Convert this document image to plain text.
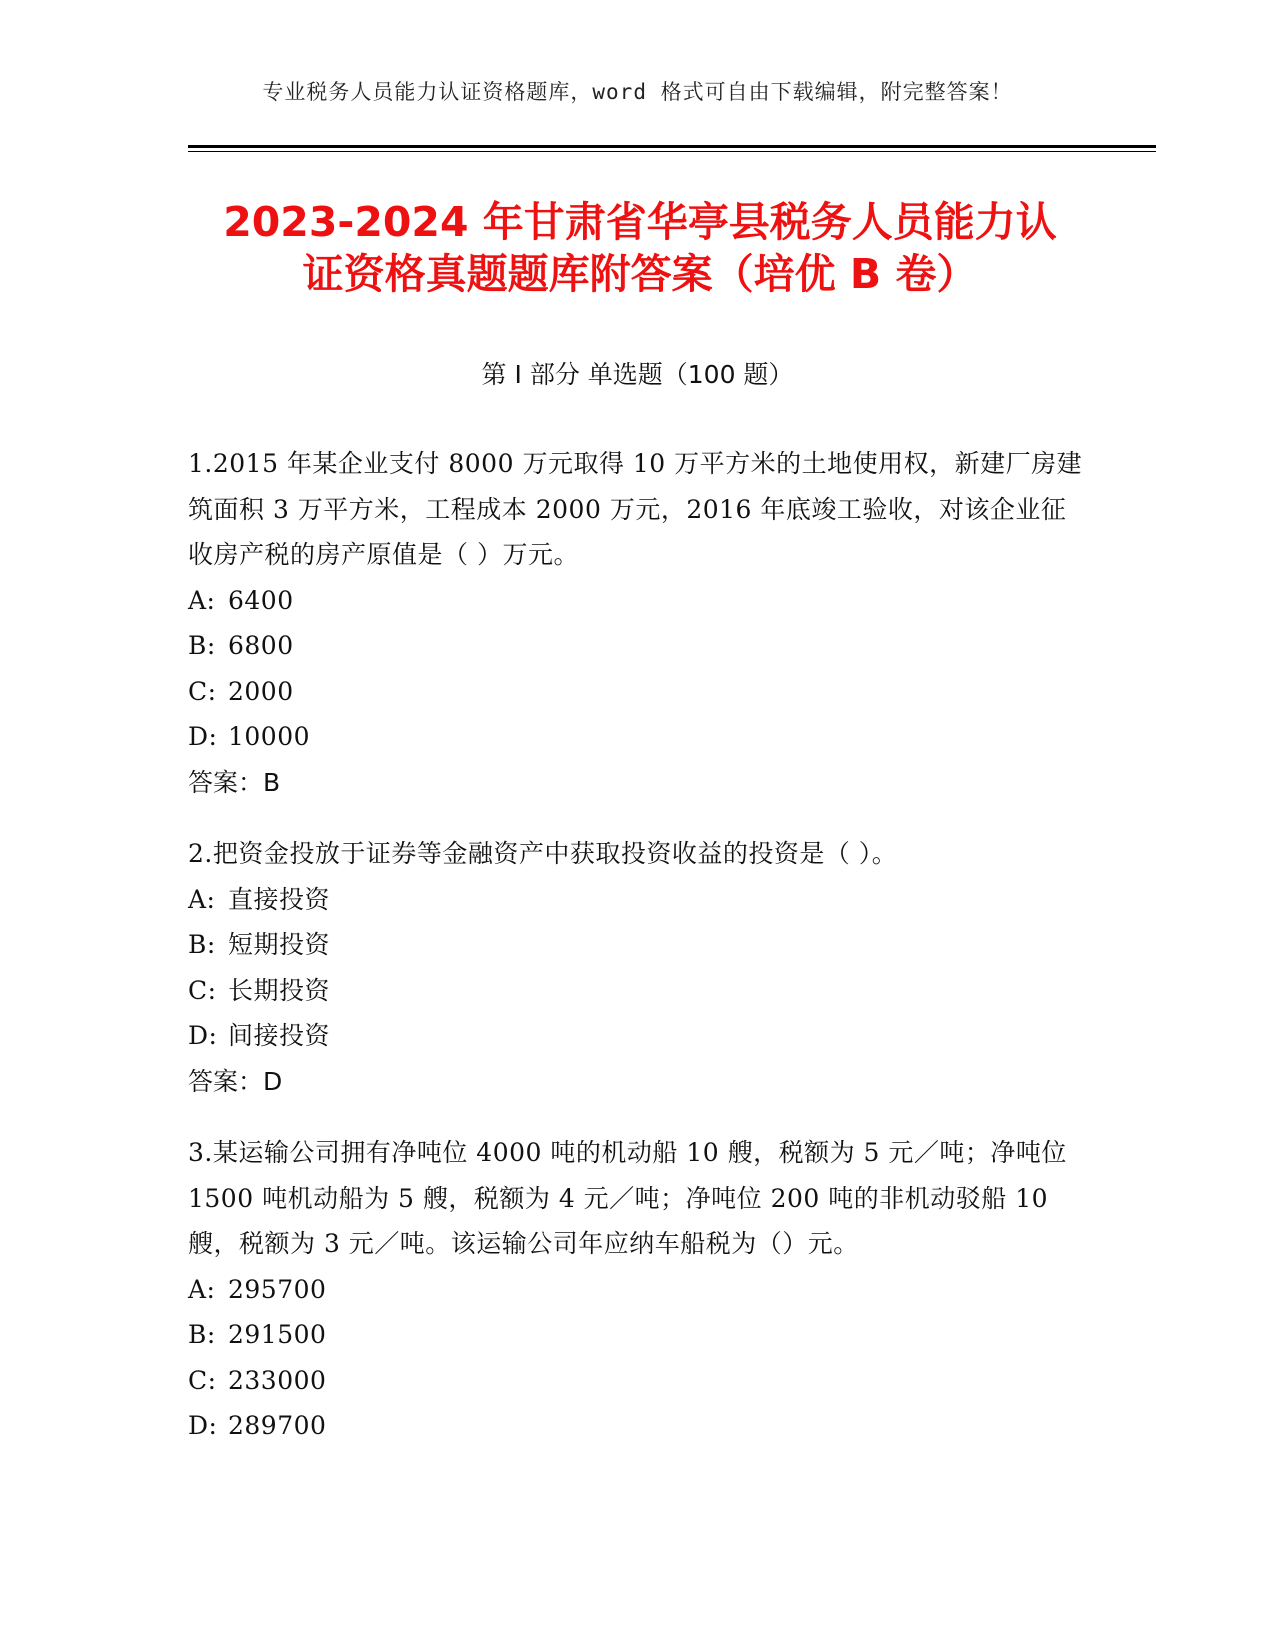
专业税务人员能力认证资格题库，word 格式可自由下载编辑，附完整答案！
2023-2024 年甘肃省华亭县税务人员能力认
证资格真题题库附答案（培优 B 卷）
第 I 部分 单选题（100 题）

1.2015 年某企业支付 8000 万元取得 10 万平方米的土地使用权，新建厂房建筑面积 3 万平方米，工程成本 2000 万元，2016 年底竣工验收，对该企业征收房产税的房产原值是（ ）万元。

A: 6400

B: 6800

C: 2000

D: 10000

答案：B

2.把资金投放于证券等金融资产中获取投资收益的投资是（ ）。

A: 直接投资

B: 短期投资

C: 长期投资

D: 间接投资

答案：D

3.某运输公司拥有净吨位 4000 吨的机动船 10 艘，税额为 5 元／吨；净吨位 1500 吨机动船为 5 艘，税额为 4 元／吨；净吨位 200 吨的非机动驳船 10 艘，税额为 3 元／吨。该运输公司年应纳车船税为（）元。

A: 295700

B: 291500

C: 233000

D: 289700
